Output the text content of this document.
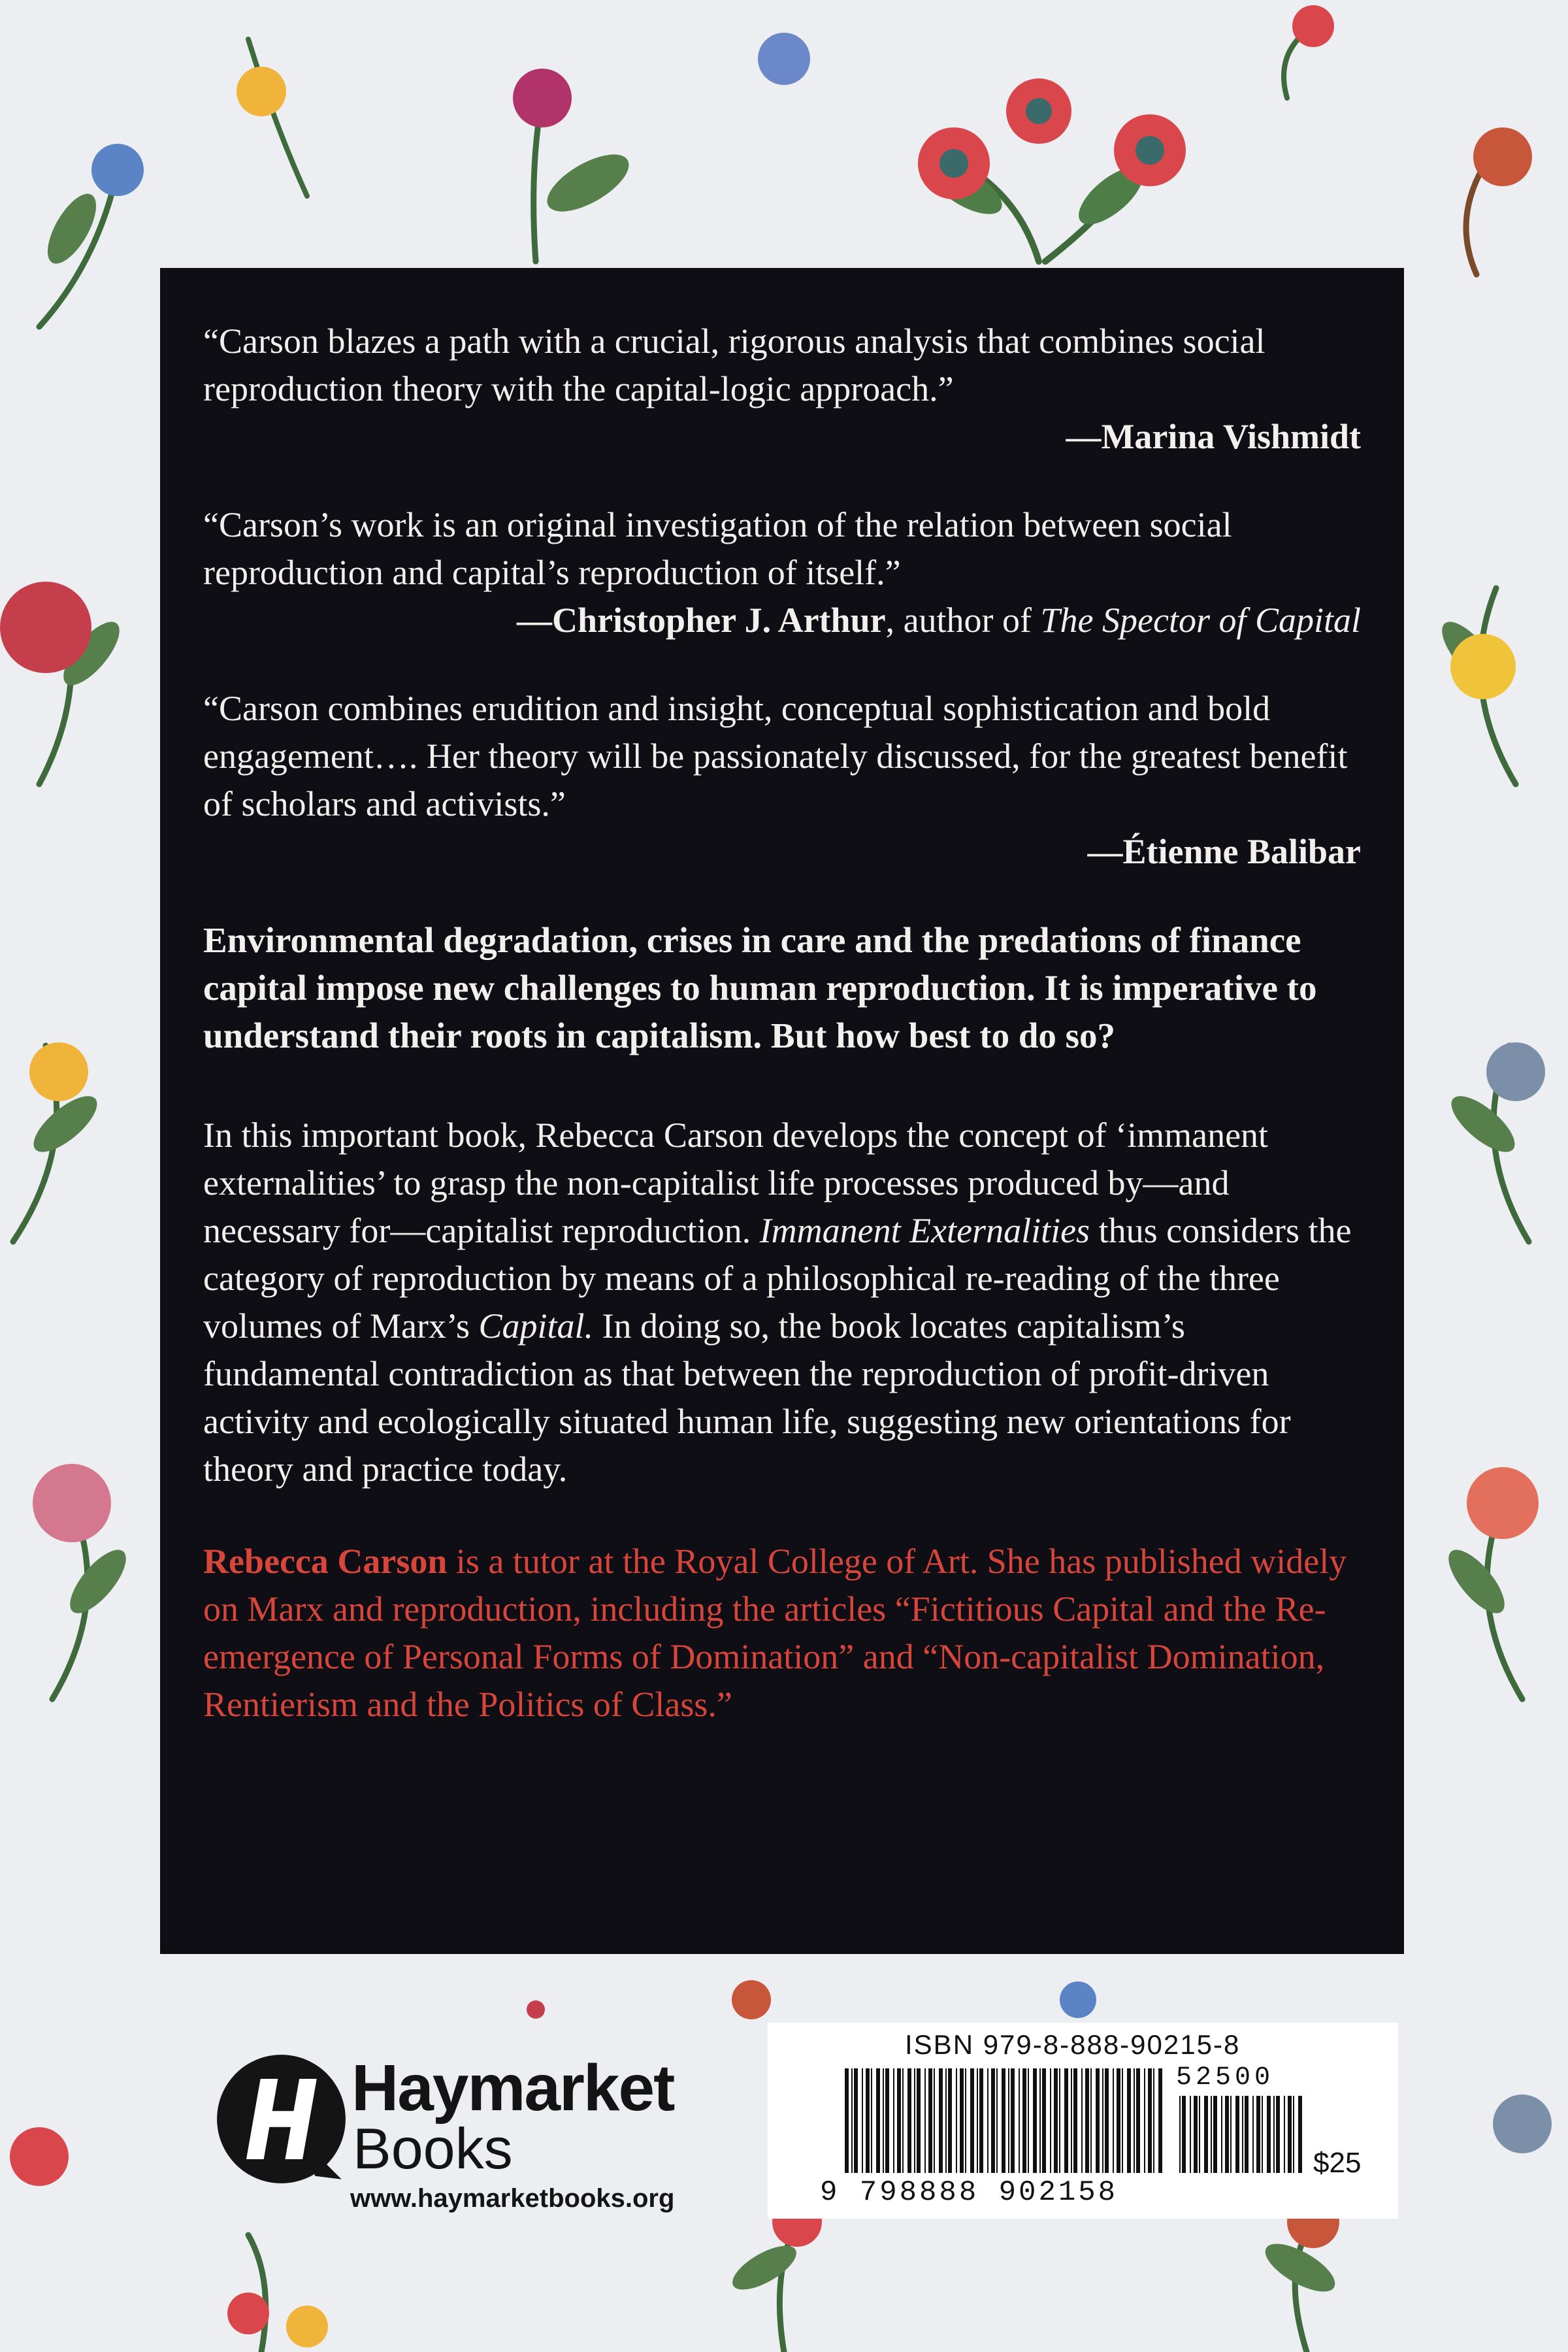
“Carson blazes a path with a crucial, rigorous analysis that combines social reproduction theory with the capital-logic approach.”

—Marina Vishmidt

“Carson’s work is an original investigation of the relation between social reproduction and capital’s reproduction of itself.”

—Christopher J. Arthur, author of The Spector of Capital

“Carson combines erudition and insight, conceptual sophistication and bold engagement…. Her theory will be passionately discussed, for the greatest benefit of scholars and activists.”

—Étienne Balibar

Environmental degradation, crises in care and the predations of finance capital impose new challenges to human reproduction. It is imperative to understand their roots in capitalism. But how best to do so?

In this important book, Rebecca Carson develops the concept of ‘immanent externalities’ to grasp the non-capitalist life processes produced by—and necessary for—capitalist reproduction. Immanent Externalities thus considers the category of reproduction by means of a philosophical re-reading of the three volumes of Marx’s Capital. In doing so, the book locates capitalism’s fundamental contradiction as that between the reproduction of profit-driven activity and ecologically situated human life, suggesting new orientations for theory and practice today.

Rebecca Carson is a tutor at the Royal College of Art. She has published widely on Marx and reproduction, including the articles “Fictitious Capital and the Re-emergence of Personal Forms of Domination” and “Non-capitalist Domination, Rentierism and the Politics of Class.”

Haymarket
Books
www.haymarketbooks.org
ISBN 979-8-888-90215-8
52500
9 798888 902158
$25
